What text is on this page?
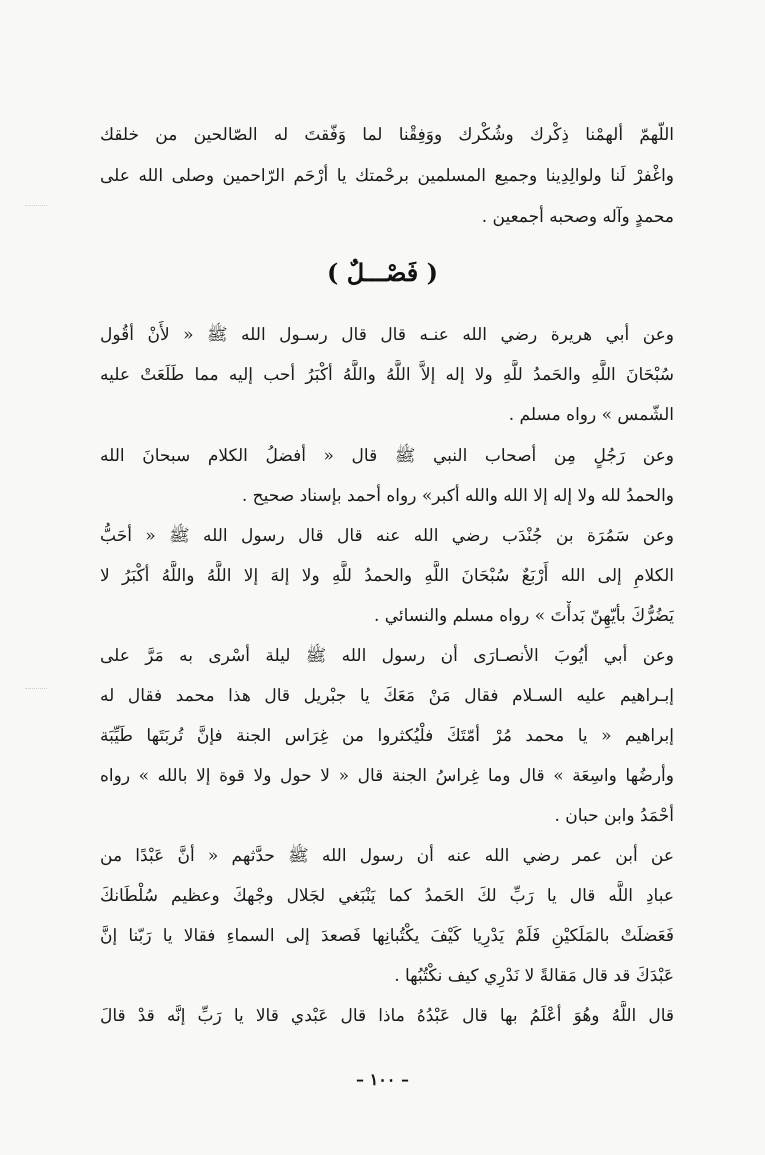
اللّهمّ ألهمْنا ذِكْرك وشُكْرك ووَفِقْنا لما وَفّقتَ له الصّالحين من خلقك
واغْفرْ لَنا ولوالِدِينا وجميع المسلمين برحْمتك يا أرْحَم الرّاحمين وصلى الله على
محمدٍ وآله وصحبه أجمعين .
( فَصْـــلٌ )
وعن أبي هريرة رضي الله عنـه قال قال رسـول الله ﷺ « لأَنْ أقُول
سُبْحَانَ اللَّهِ والحَمدُ للَّهِ ولا إله إلاَّ اللَّهُ واللَّهُ أكْبَرُ أحب إليه مما طَلَعَتْ عليه
الشّمس » رواه مسلم .
وعن رَجُلٍ مِن أصحاب النبي ﷺ قال « أفضلُ الكلام سبحانَ الله
والحمدُ لله ولا إله إلا الله والله أكبر» رواه أحمد بإسناد صحيح .
وعن سَمُرَة بن جُنْدَب رضي الله عنه قال قال رسول الله ﷺ « أحَبُّ
الكلامِ إلى الله أَرْبَعٌ سُبْحَانَ اللَّهِ والحمدُ للَّهِ ولا إلهَ إلا اللَّهُ واللَّهُ أكْبَرُ لا
يَضُرُّكَ بأيّهِنّ بَدأْتَ » رواه مسلم والنسائي .
وعن أبي أيُوبَ الأنصـارَى أن رسول الله ﷺ ليلة أسْرى به مَرَّ على
إبـراهيم عليه السـلام فقال مَنْ مَعَكَ يا جبْريل قال هذا محمد فقال له
إبراهيم « يا محمد مُرْ أمّتَكَ فلْيُكثروا من غِرَاس الجنة فإنَّ تُربَتَها طَيِّبَة
وأرضُها واسِعَة » قال وما غِراسُ الجنة قال « لا حول ولا قوة إلا بالله » رواه
أحْمَدُ وابن حبان .
عن أبن عمر رضي الله عنه أن رسول الله ﷺ حدَّثهم « أنَّ عَبْدًا من
عبادِ اللَّه قال يا رَبِّ لكَ الحَمدُ كما يَنْبَغي لجَلال وجْهكَ وعظيم سُلْطَانكَ
فَعَضلَتْ بالمَلَكيْنِ فَلَمْ يَدْرِيا كَيْفَ يكْتُبانِها فَصعدَ إلى السماءِ فقالا يا رَبّنا إنَّ
عَبْدَكَ قد قال مَقالةً لا نَدْرِي كيف نكْتُبُها .
قال اللَّهُ وهُوَ أعْلَمُ بها قال عَبْدُهُ ماذا قال عَبْدي قالا يا رَبِّ إنَّه قدْ قالَ
– ١٠٠ –
